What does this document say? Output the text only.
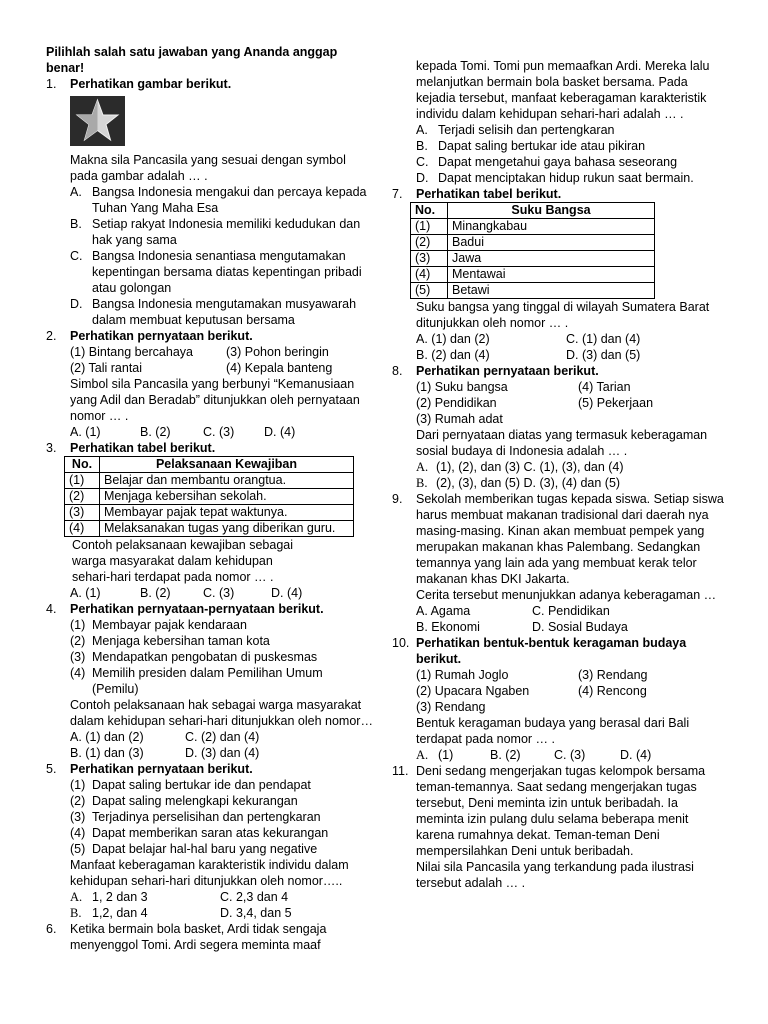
Pilihlah salah satu jawaban yang Ananda anggap benar!
1.	Perhatikan gambar berikut.
Makna sila Pancasila yang sesuai dengan symbol pada gambar adalah … .
A. Bangsa Indonesia mengakui dan percaya kepada Tuhan Yang Maha Esa
B. Setiap rakyat Indonesia memiliki kedudukan dan hak yang sama
C. Bangsa Indonesia senantiasa mengutamakan kepentingan bersama diatas kepentingan pribadi atau golongan
D. Bangsa Indonesia mengutamakan musyawarah dalam membuat keputusan bersama
2.	Perhatikan pernyataan berikut.
(1) Bintang bercahaya	(3) Pohon beringin
(2) Tali rantai	(4) Kepala banteng
Simbol sila Pancasila yang berbunyi “Kemanusiaan yang Adil dan Beradab” ditunjukkan oleh pernyataan nomor … .
A. (1)	B. (2)	C. (3)	D. (4)
3.	Perhatikan tabel berikut.
No.	Pelaksanaan Kewajiban
(1)	Belajar dan membantu orangtua.
(2)	Menjaga kebersihan sekolah.
(3)	Membayar pajak tepat waktunya.
(4)	Melaksanakan tugas yang diberikan guru.
Contoh pelaksanaan kewajiban sebagai warga masyarakat dalam kehidupan sehari-hari terdapat pada nomor … .
A. (1)	B. (2)	C. (3)	D. (4)
4.	Perhatikan pernyataan-pernyataan berikut.
(1) Membayar pajak kendaraan
(2) Menjaga kebersihan taman kota
(3) Mendapatkan pengobatan di puskesmas
(4) Memilih presiden dalam Pemilihan Umum (Pemilu)
Contoh pelaksanaan hak sebagai warga masyarakat dalam kehidupan sehari-hari ditunjukkan oleh nomor…
A. (1) dan (2)	C. (2) dan (4)
B. (1) dan (3)	D. (3) dan (4)
5.	Perhatikan pernyataan berikut.
(1) Dapat saling bertukar ide dan pendapat
(2) Dapat saling melengkapi kekurangan
(3) Terjadinya perselisihan dan pertengkaran
(4) Dapat memberikan saran atas kekurangan
(5) Dapat belajar hal-hal baru yang negative
Manfaat keberagaman karakteristik individu dalam kehidupan sehari-hari ditunjukkan oleh nomor…..
A. 1, 2 dan 3	C. 2,3 dan 4
B. 1,2, dan 4	D. 3,4, dan 5
6.	Ketika bermain bola basket, Ardi tidak sengaja menyenggol Tomi. Ardi segera meminta maaf
kepada Tomi. Tomi pun memaafkan Ardi. Mereka lalu melanjutkan bermain bola basket bersama. Pada kejadia tersebut, manfaat keberagaman karakteristik individu dalam kehidupan sehari-hari adalah … .
A. Terjadi selisih dan pertengkaran
B. Dapat saling bertukar ide atau pikiran
C. Dapat mengetahui gaya bahasa seseorang
D. Dapat menciptakan hidup rukun saat bermain.
7.	Perhatikan tabel berikut.
No.	Suku Bangsa
(1)	Minangkabau
(2)	Badui
(3)	Jawa
(4)	Mentawai
(5)	Betawi
Suku bangsa yang tinggal di wilayah Sumatera Barat ditunjukkan oleh nomor … .
A. (1) dan (2)	C. (1) dan (4)
B. (2) dan (4)	D. (3) dan (5)
8.	Perhatikan pernyataan berikut.
(1) Suku bangsa	(4) Tarian
(2) Pendidikan	(5) Pekerjaan
(3) Rumah adat
Dari pernyataan diatas yang termasuk keberagaman sosial budaya di Indonesia adalah … .
A. (1), (2), dan (3) C. (1), (3), dan (4)
B. (2), (3), dan (5) D. (3), (4) dan (5)
9.	Sekolah memberikan tugas kepada siswa. Setiap siswa harus membuat makanan tradisional dari daerah nya masing-masing. Kinan akan membuat pempek yang merupakan makanan khas Palembang. Sedangkan temannya yang lain ada yang membuat kerak telor makanan khas DKI Jakarta.
Cerita tersebut menunjukkan adanya keberagaman …
A. Agama	C. Pendidikan
B. Ekonomi	D. Sosial Budaya
10. Perhatikan bentuk-bentuk keragaman budaya berikut.
(1) Rumah Joglo	(3) Rendang
(2) Upacara Ngaben	(4) Rencong
(3) Rendang
Bentuk keragaman budaya yang berasal dari Bali terdapat pada nomor … .
A. (1)	B. (2)	C. (3)	D. (4)
11. Deni sedang mengerjakan tugas kelompok bersama teman-temannya. Saat sedang mengerjakan tugas tersebut, Deni meminta izin untuk beribadah. Ia meminta izin pulang dulu selama beberapa menit karena rumahnya dekat. Teman-teman Deni mempersilahkan Deni untuk beribadah.
Nilai sila Pancasila yang terkandung pada ilustrasi tersebut adalah … .
